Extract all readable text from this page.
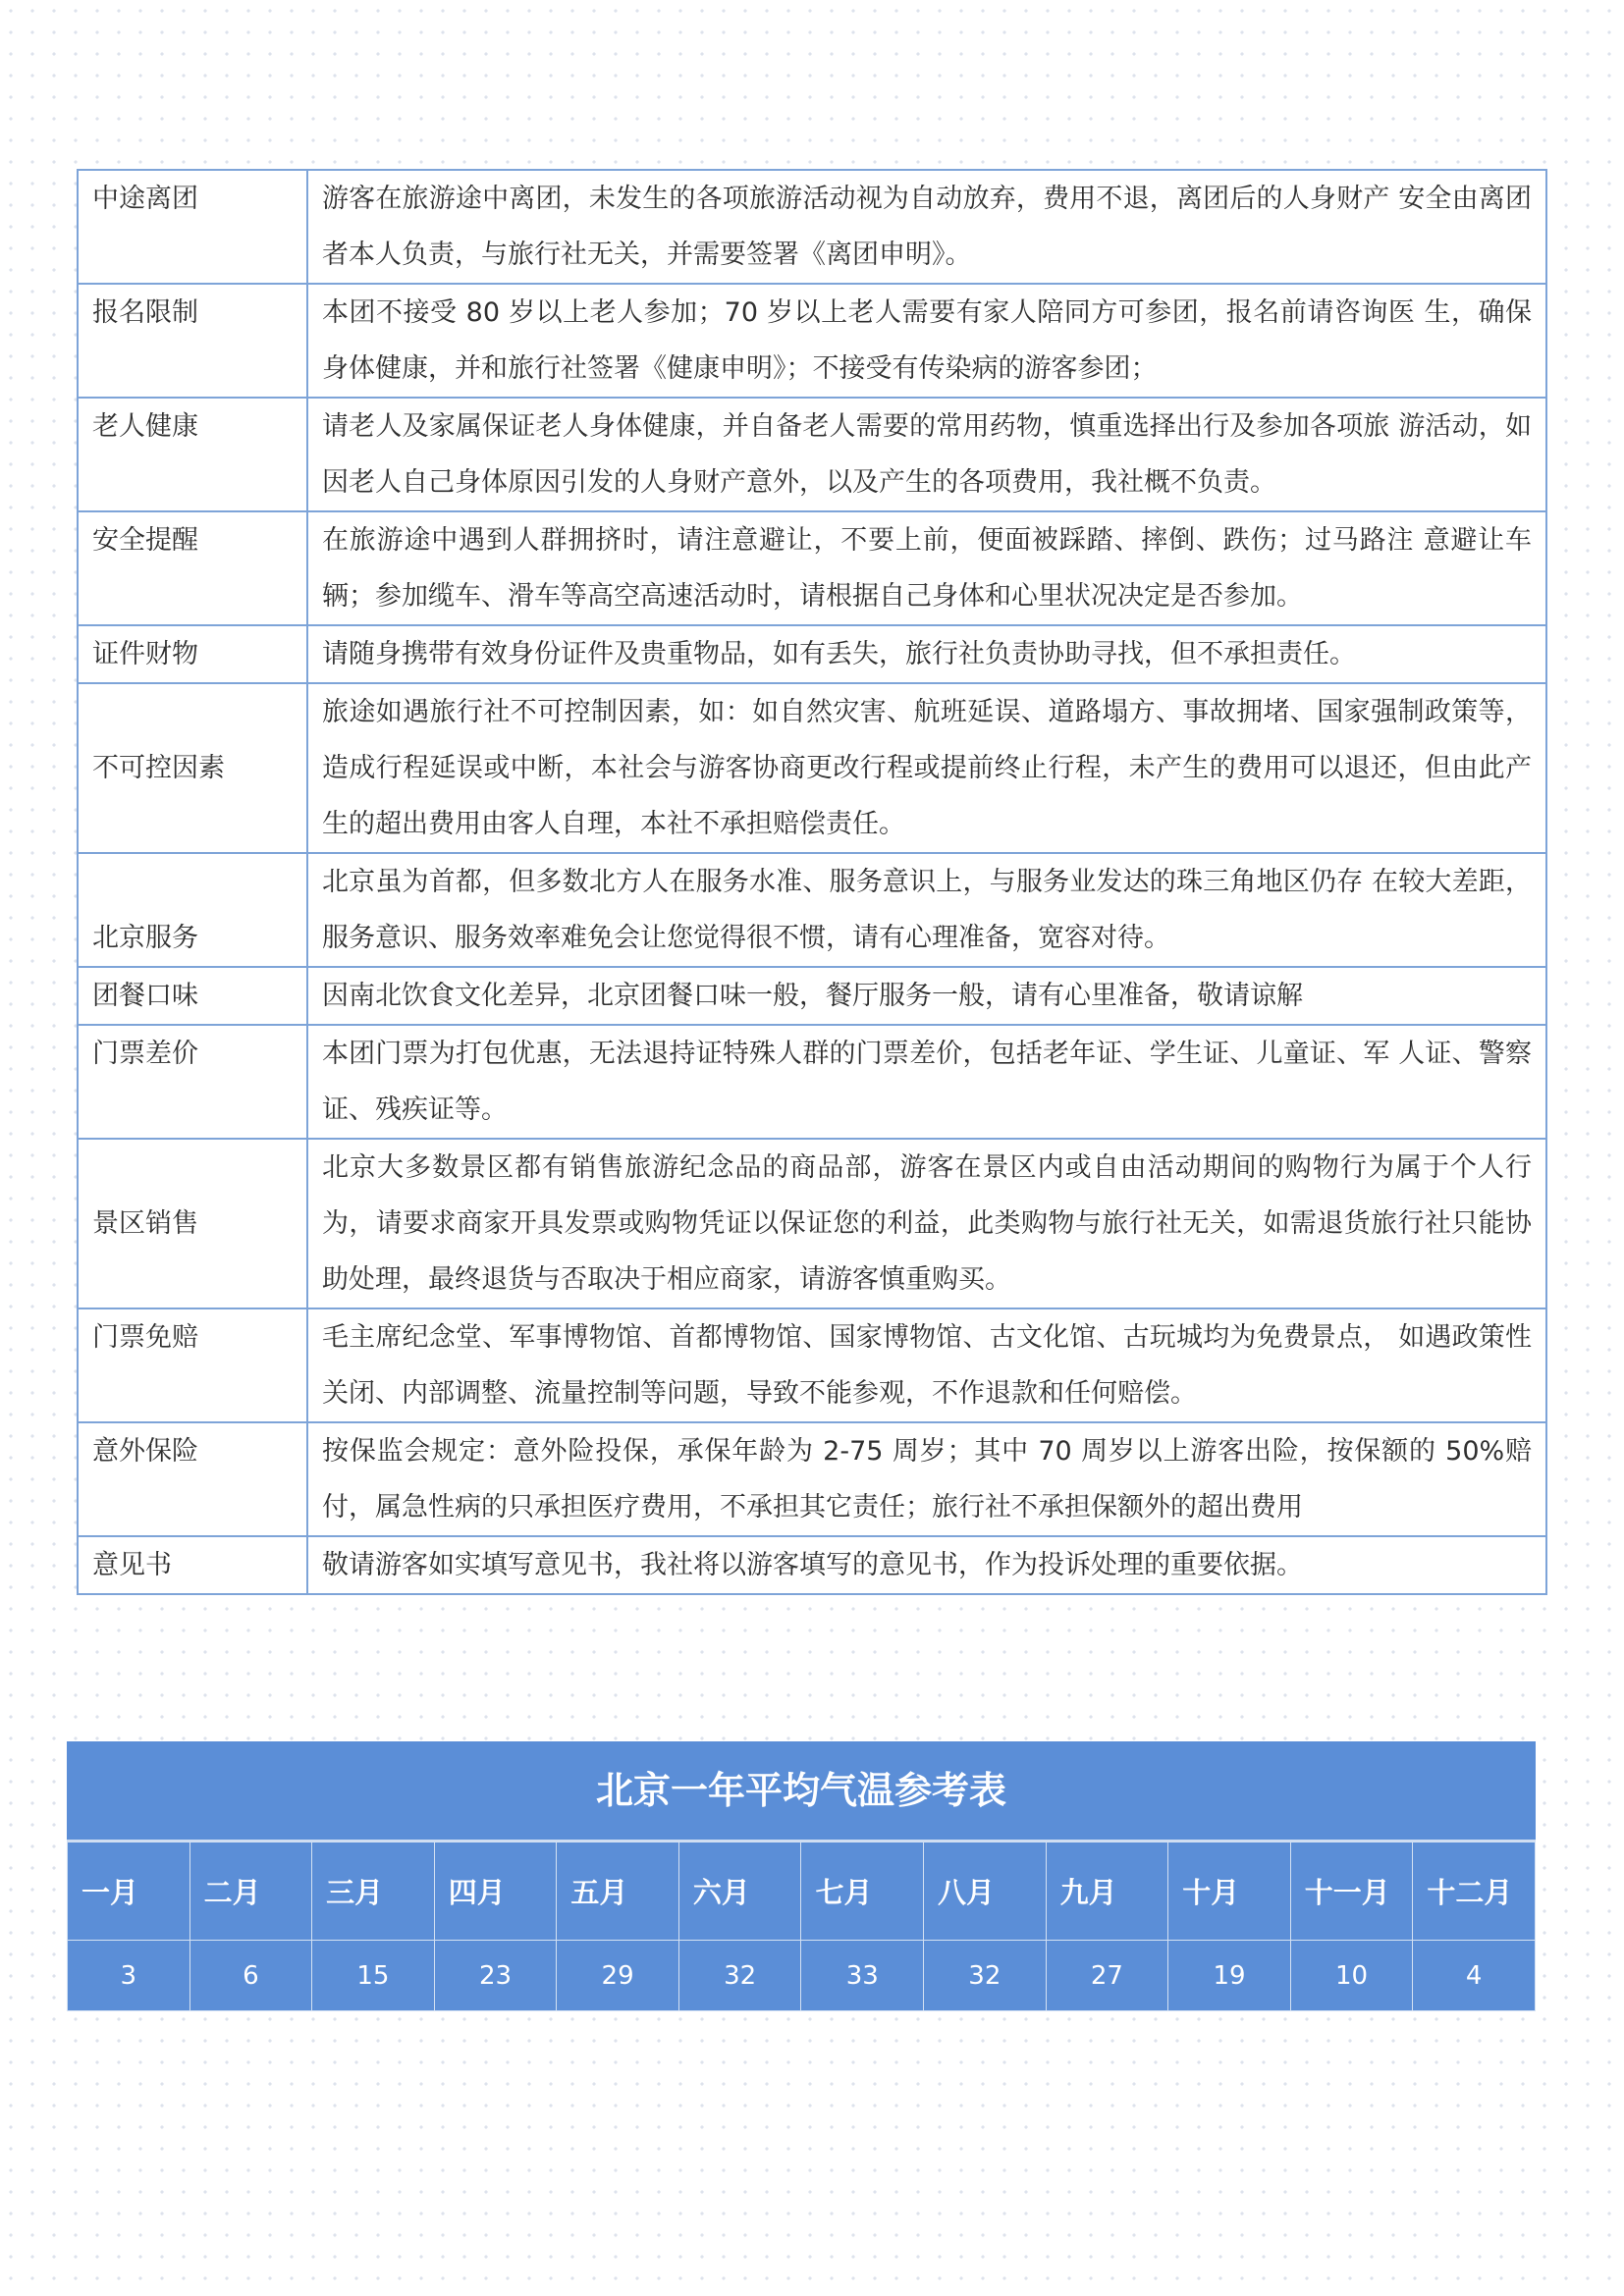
中途离团	游客在旅游途中离团，未发生的各项旅游活动视为自动放弃，费用不退，离团后的人身财产 安全由离团者本人负责，与旅行社无关，并需要签署《离团申明》。
报名限制	本团不接受 80 岁以上老人参加；70 岁以上老人需要有家人陪同方可参团，报名前请咨询医 生，确保身体健康，并和旅行社签署《健康申明》；不接受有传染病的游客参团；
老人健康	请老人及家属保证老人身体健康，并自备老人需要的常用药物，慎重选择出行及参加各项旅 游活动，如因老人自己身体原因引发的人身财产意外，以及产生的各项费用，我社概不负责。
安全提醒	在旅游途中遇到人群拥挤时，请注意避让，不要上前，便面被踩踏、摔倒、跌伤；过马路注 意避让车辆；参加缆车、滑车等高空高速活动时，请根据自己身体和心里状况决定是否参加。
证件财物	请随身携带有效身份证件及贵重物品，如有丢失，旅行社负责协助寻找，但不承担责任。
不可控因素	旅途如遇旅行社不可控制因素，如：如自然灾害、航班延误、道路塌方、事故拥堵、国家强制政策等，造成行程延误或中断，本社会与游客协商更改行程或提前终止行程，未产生的费用可以退还，但由此产生的超出费用由客人自理，本社不承担赔偿责任。
北京服务	北京虽为首都，但多数北方人在服务水准、服务意识上，与服务业发达的珠三角地区仍存 在较大差距，服务意识、服务效率难免会让您觉得很不惯，请有心理准备，宽容对待。
团餐口味	因南北饮食文化差异，北京团餐口味一般，餐厅服务一般，请有心里准备，敬请谅解
门票差价	本团门票为打包优惠，无法退持证特殊人群的门票差价，包括老年证、学生证、儿童证、军 人证、警察证、残疾证等。
景区销售	北京大多数景区都有销售旅游纪念品的商品部，游客在景区内或自由活动期间的购物行为属于个人行为，请要求商家开具发票或购物凭证以保证您的利益，此类购物与旅行社无关，如需退货旅行社只能协助处理，最终退货与否取决于相应商家，请游客慎重购买。
门票免赔	毛主席纪念堂、军事博物馆、首都博物馆、国家博物馆、古文化馆、古玩城均为免费景点， 如遇政策性关闭、内部调整、流量控制等问题，导致不能参观，不作退款和任何赔偿。
意外保险	按保监会规定：意外险投保，承保年龄为 2-75 周岁；其中 70 周岁以上游客出险，按保额的 50%赔付，属急性病的只承担医疗费用，不承担其它责任；旅行社不承担保额外的超出费用
意见书	敬请游客如实填写意见书，我社将以游客填写的意见书，作为投诉处理的重要依据。
北京一年平均气温参考表
一月	二月	三月	四月	五月	六月	七月	八月	九月	十月	十一月	十二月
3	6	15	23	29	32	33	32	27	19	10	4
